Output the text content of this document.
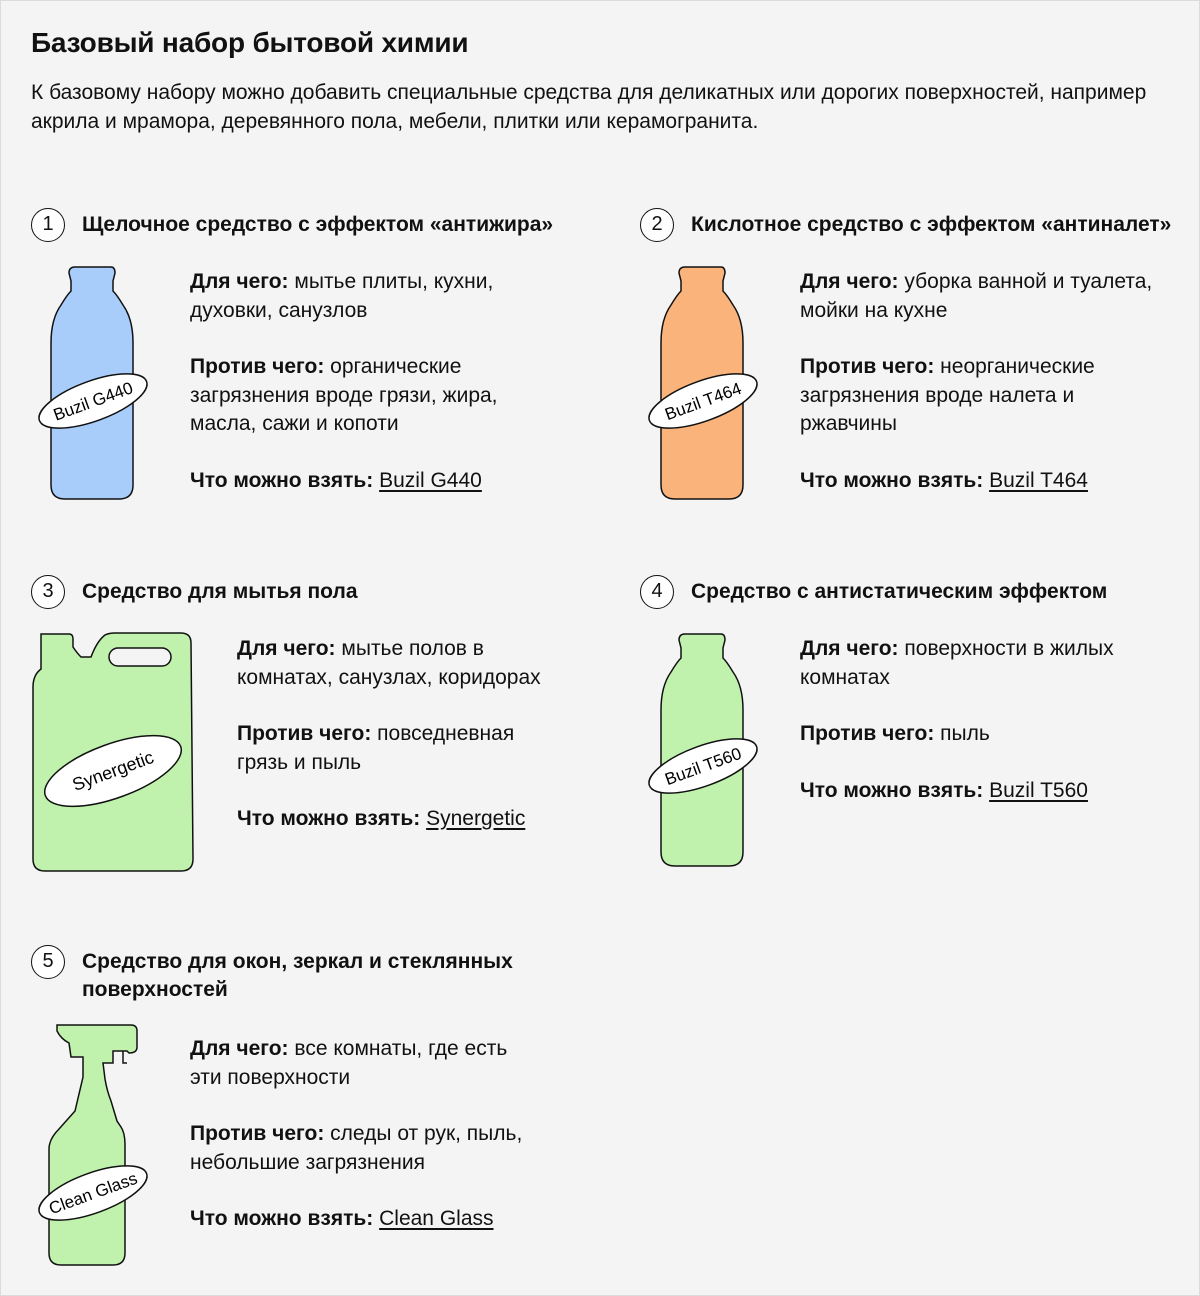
Базовый набор бытовой химии
К базовому набору можно добавить специальные средства для деликатных или дорогих поверхностей, например акрила и мрамора, деревянного пола, мебели, плитки или керамогранита.
1	Щелочное средство с эффектом «антижира»
Buzil G440

Для чего: мытье плиты, кухни, духовки, санузлов

Против чего: органические загрязнения вроде грязи, жира, масла, сажи и копоти

Что можно взять: Buzil G440

2	Кислотное средство с эффектом «антиналет»
Buzil T464

Для чего: уборка ванной и туалета, мойки на кухне

Против чего: неорганические загрязнения вроде налета и ржавчины

Что можно взять: Buzil T464

3	Средство для мытья пола
Synergetic

Для чего: мытье полов в комнатах, санузлах, коридорах

Против чего: повседневная грязь и пыль

Что можно взять: Synergetic

4	Средство с антистатическим эффектом
Buzil T560

Для чего: поверхности в жилых комнатах

Против чего: пыль

Что можно взять: Buzil T560

5	Средство для окон, зеркал и стеклянных поверхностей
Clean Glass

Для чего: все комнаты, где есть эти поверхности

Против чего: следы от рук, пыль, небольшие загрязнения

Что можно взять: Clean Glass
